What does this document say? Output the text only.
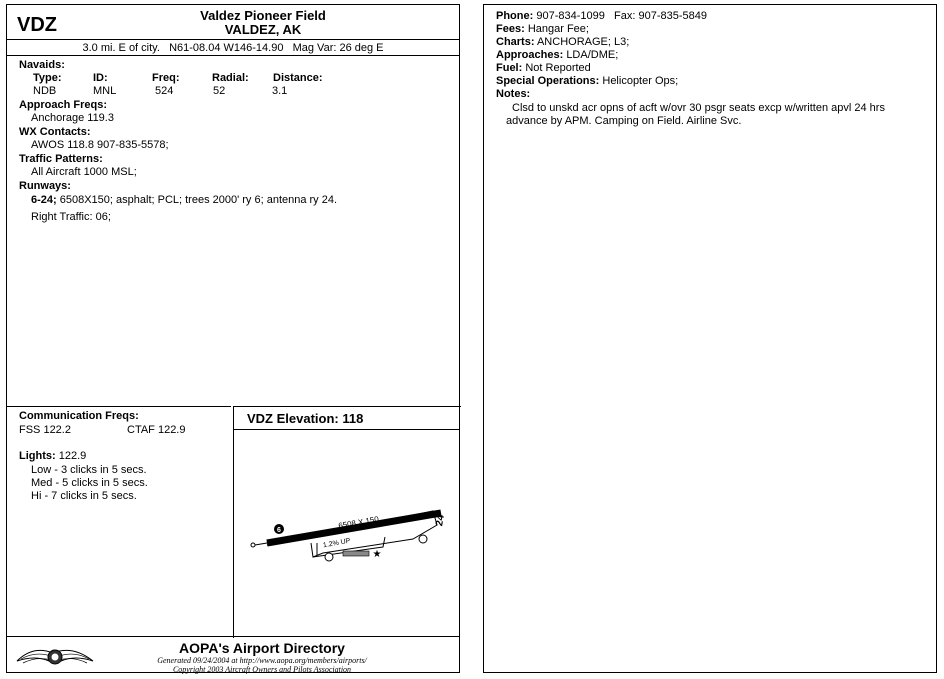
VDZ	Valdez Pioneer Field
VALDEZ, AK
3.0 mi. E of city.   N61-08.04 W146-14.90   Mag Var: 26 deg E
Navaids:
Type:	ID:	Freq:	Radial: Distance:
NDB	MNL	524	52	3.1
Approach Freqs:
Anchorage 119.3
WX Contacts:
AWOS 118.8 907-835-5578;
Traffic Patterns:
All Aircraft 1000 MSL;
Runways:
6-24; 6508X150; asphalt; PCL; trees 2000' ry 6; antenna ry 24.
Right Traffic: 06;
Communication Freqs:
FSS 122.2	CTAF 122.9
Lights: 122.9
Low - 3 clicks in 5 secs.
Med - 5 clicks in 5 secs.
Hi - 7 clicks in 5 secs.
VDZ Elevation: 118
6
24
6508 X 150
1.2% UP
★
AOPA's Airport Directory
Generated 09/24/2004 at http://www.aopa.org/members/airports/
Copyright 2003 Aircraft Owners and Pilots Association
Phone: 907-834-1099 Fax: 907-835-5849
Fees: Hangar Fee;
Charts: ANCHORAGE; L3;
Approaches: LDA/DME;
Fuel: Not Reported
Special Operations: Helicopter Ops;
Notes:
Clsd to unskd acr opns of acft w/ovr 30 psgr seats excp w/written apvl 24 hrs
advance by APM. Camping on Field. Airline Svc.
